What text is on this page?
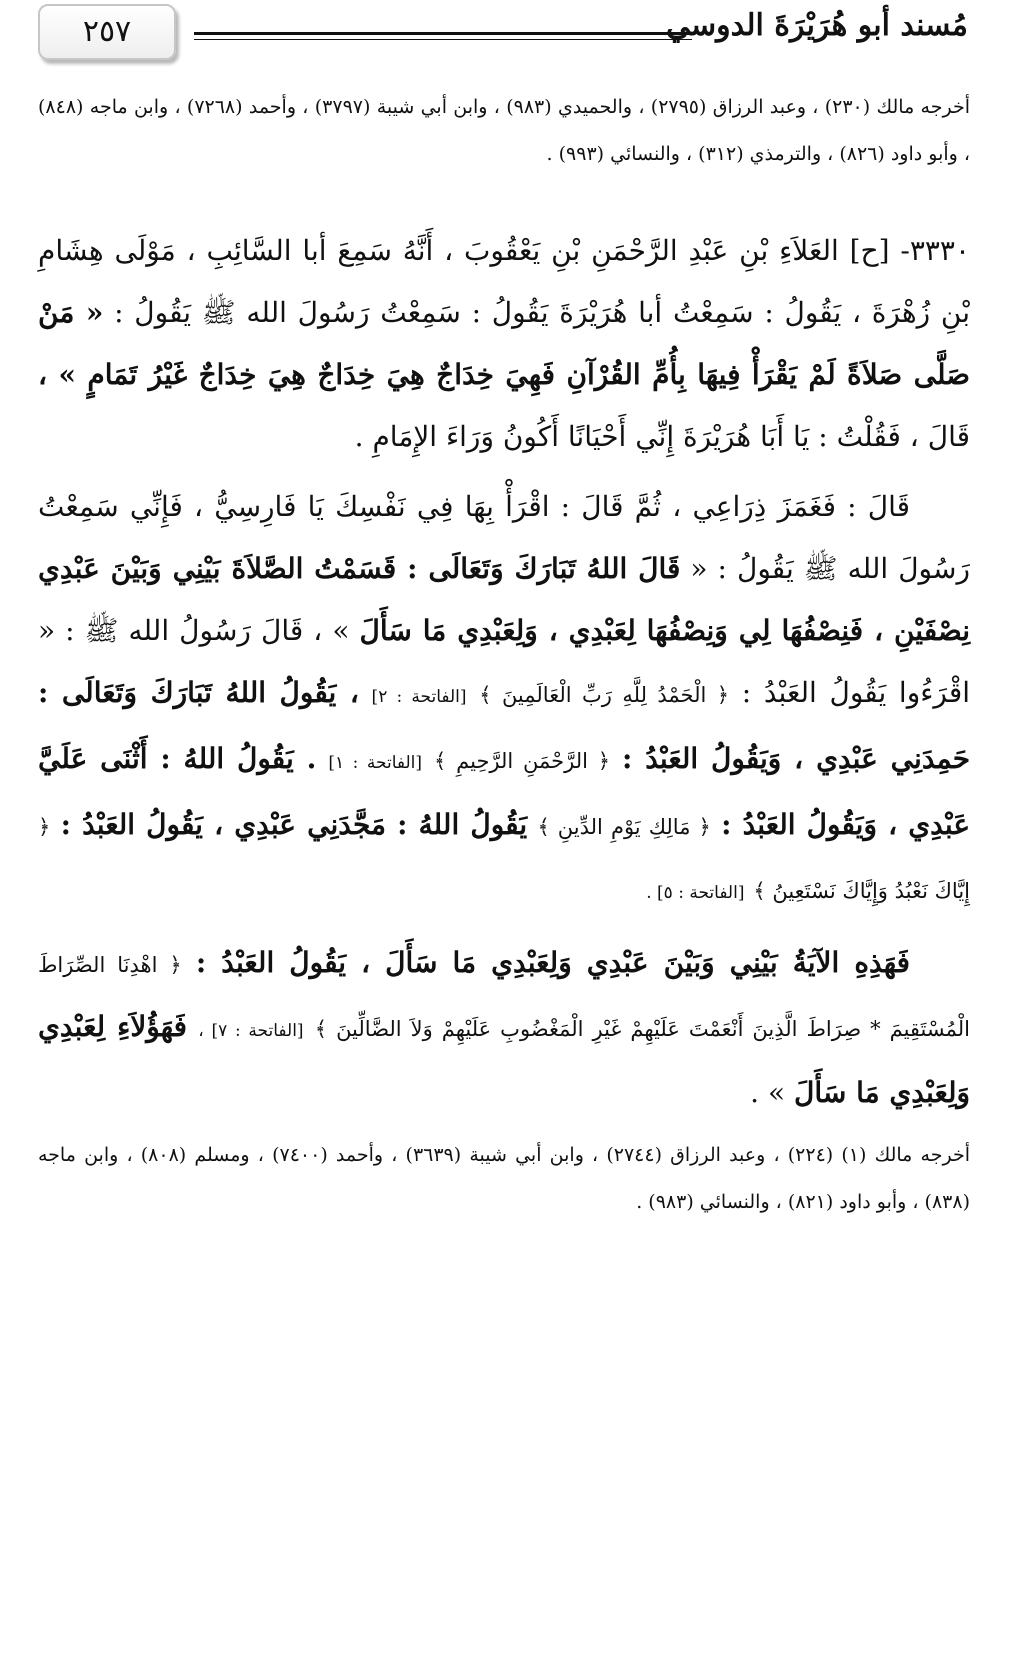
٢٥٧	مُسند أبو هُرَيْرَةَ الدوسي

أخرجه مالك (٢٣٠) ، وعبد الرزاق (٢٧٩٥) ، والحميدي (٩٨٣) ، وابن أبي شيبة (٣٧٩٧) ، وأحمد (٧٢٦٨) ، وابن ماجه (٨٤٨) ، وأبو داود (٨٢٦) ، والترمذي (٣١٢) ، والنسائي (٩٩٣) .

٣٣٣٠- [ح] العَلاَءِ بْنِ عَبْدِ الرَّحْمَنِ بْنِ يَعْقُوبَ ، أَنَّهُ سَمِعَ أبا السَّائِبِ ، مَوْلَى هِشَامِ بْنِ زُهْرَةَ ، يَقُولُ : سَمِعْتُ أبا هُرَيْرَةَ يَقُولُ : سَمِعْتُ رَسُولَ الله ﷺ يَقُولُ : « مَنْ صَلَّى صَلاَةً لَمْ يَقْرَأْ فِيهَا بِأُمِّ القُرْآنِ فَهِيَ خِدَاجٌ هِيَ خِدَاجٌ هِيَ خِدَاجٌ غَيْرُ تَمَامٍ » ، قَالَ ، فَقُلْتُ : يَا أَبَا هُرَيْرَةَ إِنِّي أَحْيَانًا أَكُونُ وَرَاءَ الإِمَامِ .

قَالَ : فَغَمَزَ ذِرَاعِي ، ثُمَّ قَالَ : اقْرَأْ بِهَا فِي نَفْسِكَ يَا فَارِسِيُّ ، فَإِنِّي سَمِعْتُ رَسُولَ الله ﷺ يَقُولُ : « قَالَ اللهُ تَبَارَكَ وَتَعَالَى : قَسَمْتُ الصَّلاَةَ بَيْنِي وَبَيْنَ عَبْدِي نِصْفَيْنِ ، فَنِصْفُهَا لِي وَنِصْفُهَا لِعَبْدِي ، وَلِعَبْدِي مَا سَأَلَ » ، قَالَ رَسُولُ الله ﷺ : « اقْرَءُوا يَقُولُ العَبْدُ : ﴿ الْحَمْدُ لِلَّهِ رَبِّ الْعَالَمِينَ ﴾ [الفاتحة : ٢] ، يَقُولُ اللهُ تَبَارَكَ وَتَعَالَى : حَمِدَنِي عَبْدِي ، وَيَقُولُ العَبْدُ : ﴿ الرَّحْمَنِ الرَّحِيمِ ﴾ [الفاتحة : ١] . يَقُولُ اللهُ : أَثْنَى عَلَيَّ عَبْدِي ، وَيَقُولُ العَبْدُ : ﴿ مَالِكِ يَوْمِ الدِّينِ ﴾ يَقُولُ اللهُ : مَجَّدَنِي عَبْدِي ، يَقُولُ العَبْدُ : ﴿ إِيَّاكَ نَعْبُدُ وَإِيَّاكَ نَسْتَعِينُ ﴾ [الفاتحة : ٥] .

فَهَذِهِ الآيَةُ بَيْنِي وَبَيْنَ عَبْدِي وَلِعَبْدِي مَا سَأَلَ ، يَقُولُ العَبْدُ : ﴿ اهْدِنَا الصِّرَاطَ الْمُسْتَقِيمَ * صِرَاطَ الَّذِينَ أَنْعَمْتَ عَلَيْهِمْ غَيْرِ الْمَغْضُوبِ عَلَيْهِمْ وَلاَ الضَّالِّينَ ﴾ [الفاتحة : ٧] ، فَهَؤُلاَءِ لِعَبْدِي وَلِعَبْدِي مَا سَأَلَ » .

أخرجه مالك (١) (٢٢٤) ، وعبد الرزاق (٢٧٤٤) ، وابن أبي شيبة (٣٦٣٩) ، وأحمد (٧٤٠٠) ، ومسلم (٨٠٨) ، وابن ماجه (٨٣٨) ، وأبو داود (٨٢١) ، والنسائي (٩٨٣) .
